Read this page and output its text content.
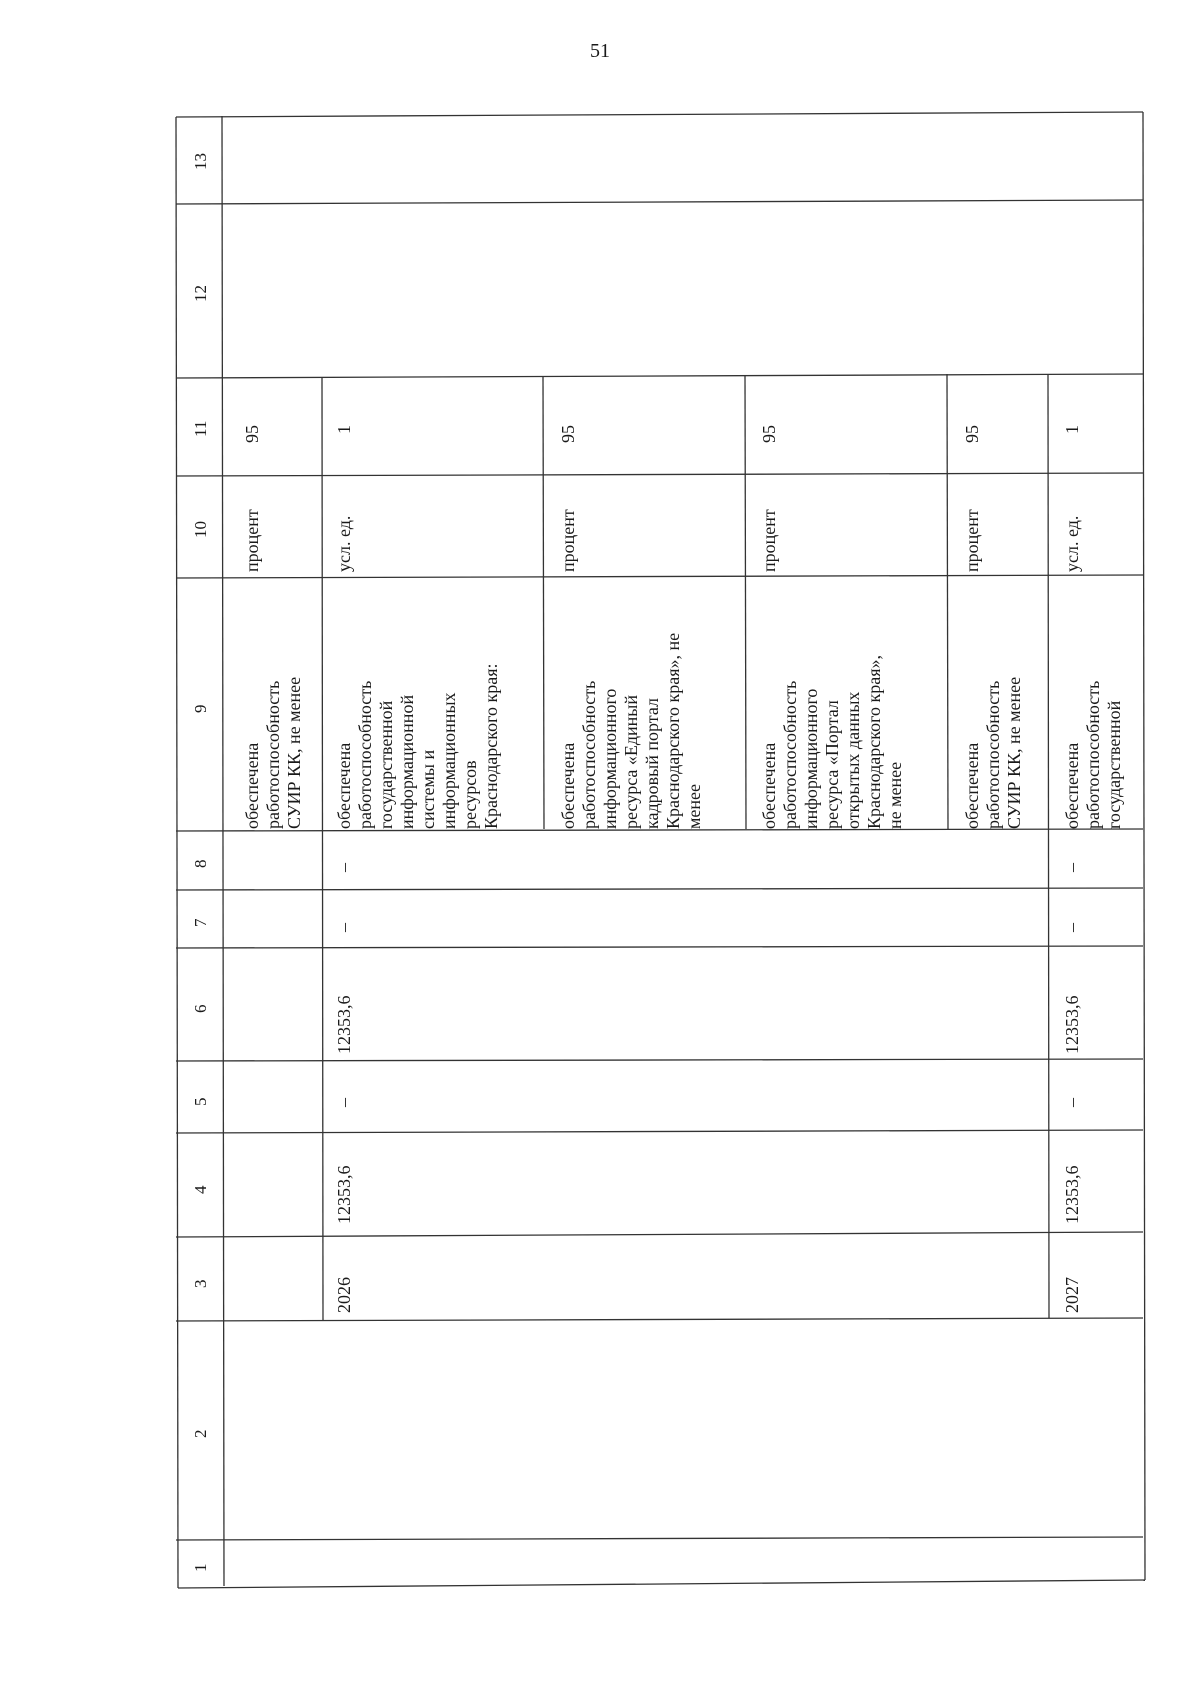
51
13
12
11
10
9
8
7
6
5
4
3
2
1
обеспечена работоспособность СУИР КК, не менее
процент
95
2026
12353,6
–
12353,6
–
–
обеспечена работоспособность государственной информационной системы и информационных ресурсов Краснодарского края:
усл. ед.
1
обеспечена работоспособность информационного ресурса «Единый кадровый портал Краснодарского края», не менее
процент
95
обеспечена работоспособность информационного ресурса «Портал открытых данных Краснодарского края», не менее
процент
95
обеспечена работоспособность СУИР КК, не менее
процент
95
2027
12353,6
–
12353,6
–
–
обеспечена работоспособность государственной
усл. ед.
1
